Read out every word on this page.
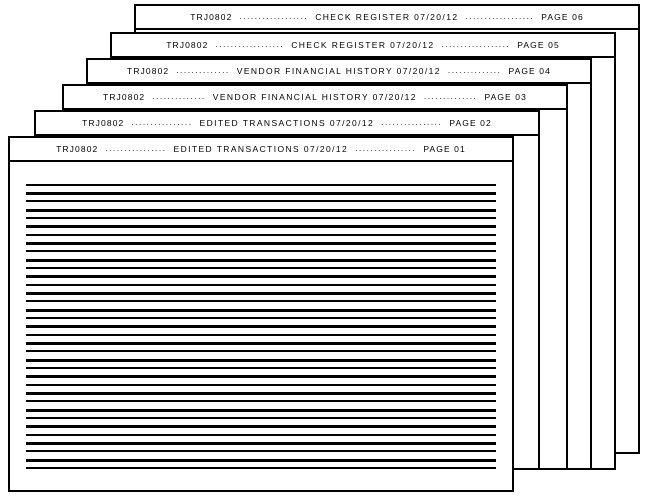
TRJ0802 .................. CHECK REGISTER 07/20/12 .................. PAGE 06
TRJ0802 .................. CHECK REGISTER 07/20/12 .................. PAGE 05
TRJ0802 .............. VENDOR FINANCIAL HISTORY 07/20/12 .............. PAGE 04
TRJ0802 .............. VENDOR FINANCIAL HISTORY 07/20/12 .............. PAGE 03
TRJ0802 ................ EDITED TRANSACTIONS 07/20/12 ................ PAGE 02
TRJ0802 ................ EDITED TRANSACTIONS 07/20/12 ................ PAGE 01
